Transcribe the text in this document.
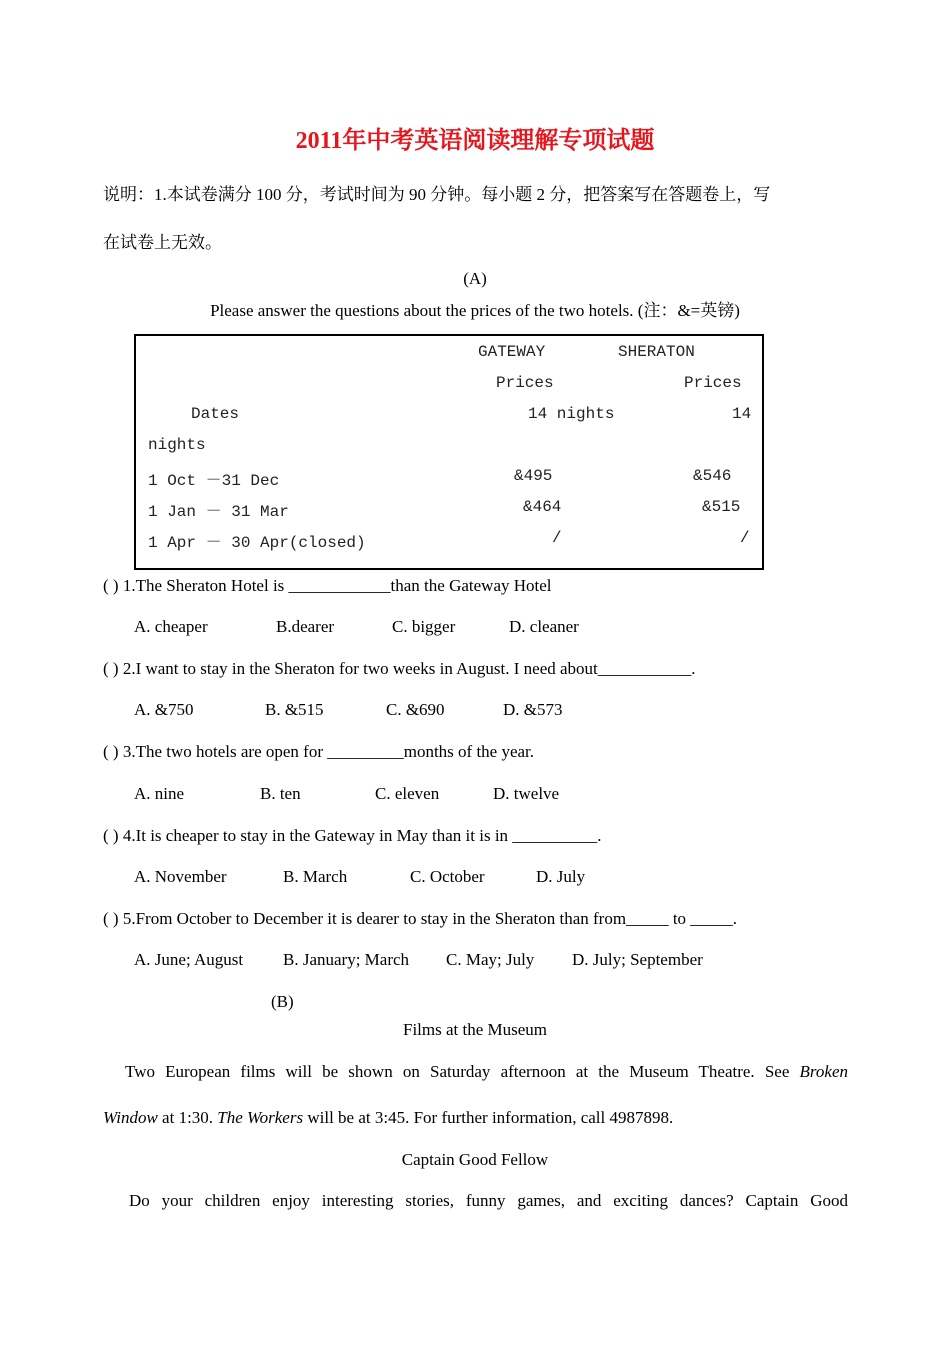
2011年中考英语阅读理解专项试题
说明：1.本试卷满分 100 分，考试时间为 90 分钟。每小题 2 分，把答案写在答题卷上，写
在试卷上无效。
(A)
Please answer the questions about the prices of the two hotels. (注：&=英镑)
GATEWAY	SHERATON
Prices	Prices
Dates	14 nights	14
nights
1 Oct －31 Dec	&495	&546
1 Jan － 31 Mar	&464	&515
1 Apr － 30 Apr(closed)	/	/
( ) 1.The Sheraton Hotel is ____________than the Gateway Hotel
A. cheaper	B.dearer	C. bigger	D. cleaner
( ) 2.I want to stay in the Sheraton for two weeks in August. I need about___________.
A. &750	B. &515	C. &690	D. &573
( ) 3.The two hotels are open for _________months of the year.
A. nine	B. ten	C. eleven	D. twelve
( ) 4.It is cheaper to stay in the Gateway in May than it is in __________.
A. November	B. March	C. October	D. July
( ) 5.From October to December it is dearer to stay in the Sheraton than from_____ to _____.
A. June; August B. January; March C. May; July D. July; September
(B)
Films at the Museum
Two European films will be shown on Saturday afternoon at the Museum Theatre. See Broken
Window at 1:30. The Workers will be at 3:45. For further information, call 4987898.
Captain Good Fellow
Do your children enjoy interesting stories, funny games, and exciting dances? Captain Good
